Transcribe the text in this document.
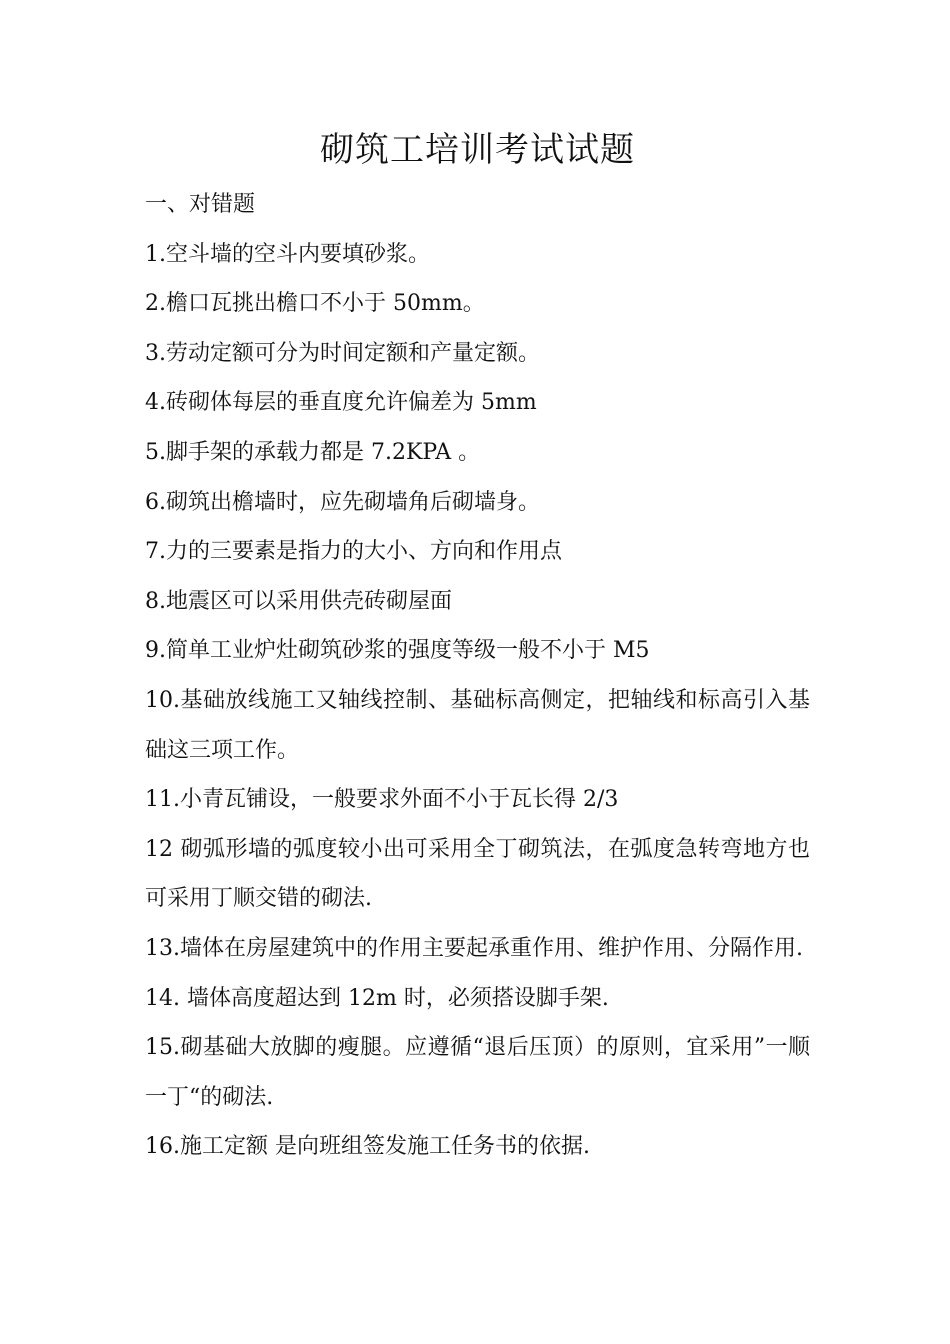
砌筑工培训考试试题

一、对错题

1.空斗墙的空斗内要填砂浆。

2.檐口瓦挑出檐口不小于 50mm。

3.劳动定额可分为时间定额和产量定额。

4.砖砌体每层的垂直度允许偏差为 5mm

5.脚手架的承载力都是 7.2KPA 。

6.砌筑出檐墙时，应先砌墙角后砌墙身。

7.力的三要素是指力的大小、方向和作用点

8.地震区可以采用供壳砖砌屋面

9.简单工业炉灶砌筑砂浆的强度等级一般不小于 M5

10.基础放线施工又轴线控制、基础标高侧定，把轴线和标高引入基础这三项工作。

11.小青瓦铺设，一般要求外面不小于瓦长得 2/3

12 砌弧形墙的弧度较小出可采用全丁砌筑法，在弧度急转弯地方也可采用丁顺交错的砌法.

13.墙体在房屋建筑中的作用主要起承重作用、维护作用、分隔作用.

14. 墙体高度超达到 12m 时，必须搭设脚手架.

15.砌基础大放脚的瘦腿。应遵循“退后压顶）的原则，宜采用”一顺一丁“的砌法.

16.施工定额 是向班组签发施工任务书的依据.
